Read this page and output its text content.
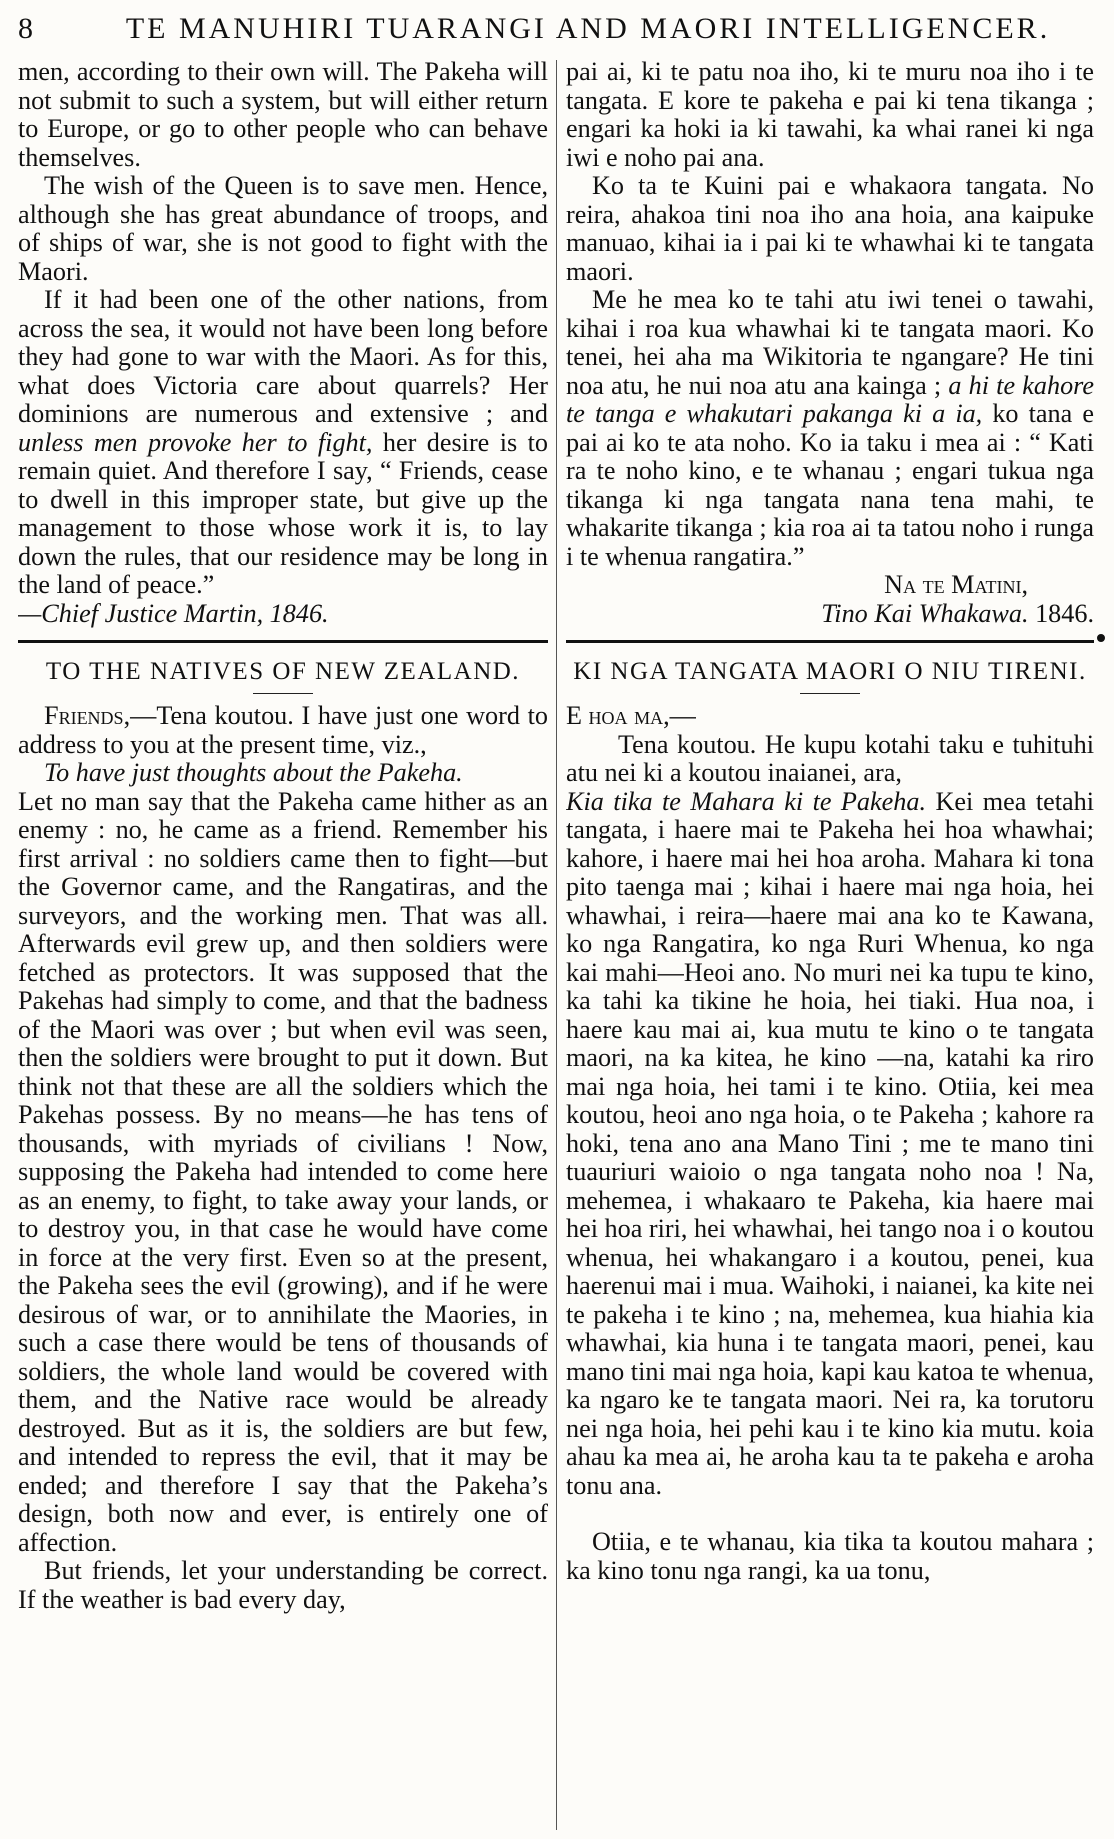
8	TE MANUHIRI TUARANGI AND MAORI INTELLIGENCER.

men, according to their own will. The Pakeha will not submit to such a system, but will either return to Europe, or go to other people who can behave themselves.

The wish of the Queen is to save men. Hence, although she has great abundance of troops, and of ships of war, she is not good to fight with the Maori.

If it had been one of the other nations, from across the sea, it would not have been long before they had gone to war with the Maori. As for this, what does Victoria care about quarrels? Her dominions are numerous and extensive ; and unless men provoke her to fight, her desire is to remain quiet. And therefore I say, “ Friends, cease to dwell in this improper state, but give up the management to those whose work it is, to lay down the rules, that our residence may be long in the land of peace.”

—Chief Justice Martin, 1846.

TO THE NATIVES OF NEW ZEALAND.

Friends,—Tena koutou. I have just one word to address to you at the present time, viz.,

To have just thoughts about the Pakeha.

Let no man say that the Pakeha came hither as an enemy : no, he came as a friend. Remember his first arrival : no soldiers came then to fight—but the Governor came, and the Rangatiras, and the surveyors, and the working men. That was all. Afterwards evil grew up, and then soldiers were fetched as protectors. It was supposed that the Pakehas had simply to come, and that the badness of the Maori was over ; but when evil was seen, then the soldiers were brought to put it down. But think not that these are all the soldiers which the Pakehas possess. By no means—he has tens of thousands, with myriads of civilians ! Now, supposing the Pakeha had intended to come here as an enemy, to fight, to take away your lands, or to destroy you, in that case he would have come in force at the very first. Even so at the present, the Pakeha sees the evil (growing), and if he were desirous of war, or to annihilate the Maories, in such a case there would be tens of thousands of soldiers, the whole land would be covered with them, and the Native race would be already destroyed. But as it is, the soldiers are but few, and intended to repress the evil, that it may be ended; and therefore I say that the Pakeha’s design, both now and ever, is entirely one of affection.

But friends, let your understanding be correct. If the weather is bad every day,

pai ai, ki te patu noa iho, ki te muru noa iho i te tangata. E kore te pakeha e pai ki tena tikanga ; engari ka hoki ia ki tawahi, ka whai ranei ki nga iwi e noho pai ana.

Ko ta te Kuini pai e whakaora tangata. No reira, ahakoa tini noa iho ana hoia, ana kaipuke manuao, kihai ia i pai ki te whawhai ki te tangata maori.

Me he mea ko te tahi atu iwi tenei o tawahi, kihai i roa kua whawhai ki te tangata maori. Ko tenei, hei aha ma Wikitoria te ngangare? He tini noa atu, he nui noa atu ana kainga ; a hi te kahore te tanga e whakutari pakanga ki a ia, ko tana e pai ai ko te ata noho. Ko ia taku i mea ai : “ Kati ra te noho kino, e te whanau ; engari tukua nga tikanga ki nga tangata nana tena mahi, te whakarite tikanga ; kia roa ai ta tatou noho i runga i te whenua rangatira.”

Na te Matini,

Tino Kai Whakawa. 1846.

KI NGA TANGATA MAORI O NIU TIRENI.

E hoa ma,—

Tena koutou. He kupu kotahi taku e tuhituhi atu nei ki a koutou inaianei, ara,

Kia tika te Mahara ki te Pakeha. Kei mea tetahi tangata, i haere mai te Pakeha hei hoa whawhai; kahore, i haere mai hei hoa aroha. Mahara ki tona pito taenga mai ; kihai i haere mai nga hoia, hei whawhai, i reira—haere mai ana ko te Kawana, ko nga Rangatira, ko nga Ruri Whenua, ko nga kai mahi—Heoi ano. No muri nei ka tupu te kino, ka tahi ka tikine he hoia, hei tiaki. Hua noa, i haere kau mai ai, kua mutu te kino o te tangata maori, na ka kitea, he kino —na, katahi ka riro mai nga hoia, hei tami i te kino. Otiia, kei mea koutou, heoi ano nga hoia, o te Pakeha ; kahore ra hoki, tena ano ana Mano Tini ; me te mano tini tuauriuri waioio o nga tangata noho noa ! Na, mehemea, i whakaaro te Pakeha, kia haere mai hei hoa riri, hei whawhai, hei tango noa i o koutou whenua, hei whakangaro i a koutou, penei, kua haerenui mai i mua. Waihoki, i naianei, ka kite nei te pakeha i te kino ; na, mehemea, kua hiahia kia whawhai, kia huna i te tangata maori, penei, kau mano tini mai nga hoia, kapi kau katoa te whenua, ka ngaro ke te tangata maori. Nei ra, ka torutoru nei nga hoia, hei pehi kau i te kino kia mutu. koia ahau ka mea ai, he aroha kau ta te pakeha e aroha tonu ana.

Otiia, e te whanau, kia tika ta koutou mahara ; ka kino tonu nga rangi, ka ua tonu,
